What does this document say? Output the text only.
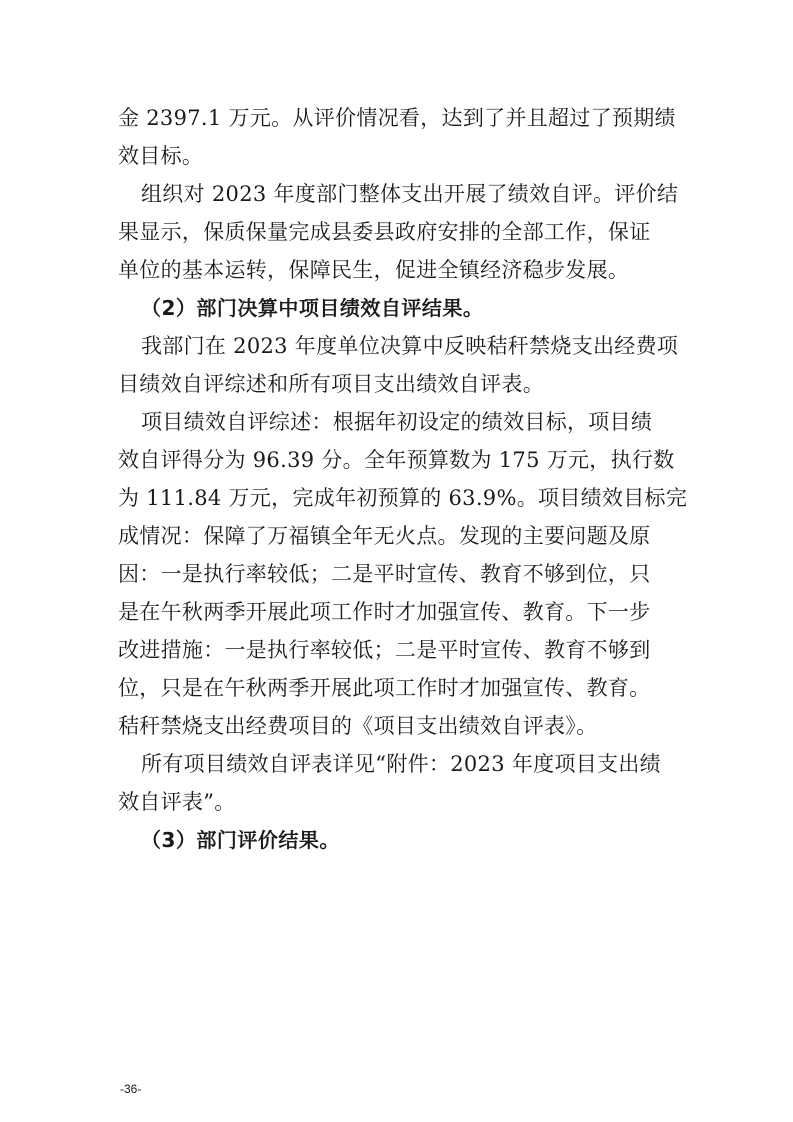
金 2397.1 万元。从评价情况看，达到了并且超过了预期绩
效目标。
组织对 2023 年度部门整体支出开展了绩效自评。评价结
果显示，保质保量完成县委县政府安排的全部工作，保证
单位的基本运转，保障民生，促进全镇经济稳步发展。
（2）部门决算中项目绩效自评结果。
我部门在 2023 年度单位决算中反映秸秆禁烧支出经费项
目绩效自评综述和所有项目支出绩效自评表。
项目绩效自评综述：根据年初设定的绩效目标，项目绩
效自评得分为 96.39 分。全年预算数为 175 万元，执行数
为 111.84 万元，完成年初预算的 63.9%。项目绩效目标完
成情况：保障了万福镇全年无火点。发现的主要问题及原
因：一是执行率较低；二是平时宣传、教育不够到位，只
是在午秋两季开展此项工作时才加强宣传、教育。下一步
改进措施：一是执行率较低；二是平时宣传、教育不够到
位，只是在午秋两季开展此项工作时才加强宣传、教育。
秸秆禁烧支出经费项目的《项目支出绩效自评表》。
所有项目绩效自评表详见“附件：2023 年度项目支出绩
效自评表”。
（3）部门评价结果。
-36-
